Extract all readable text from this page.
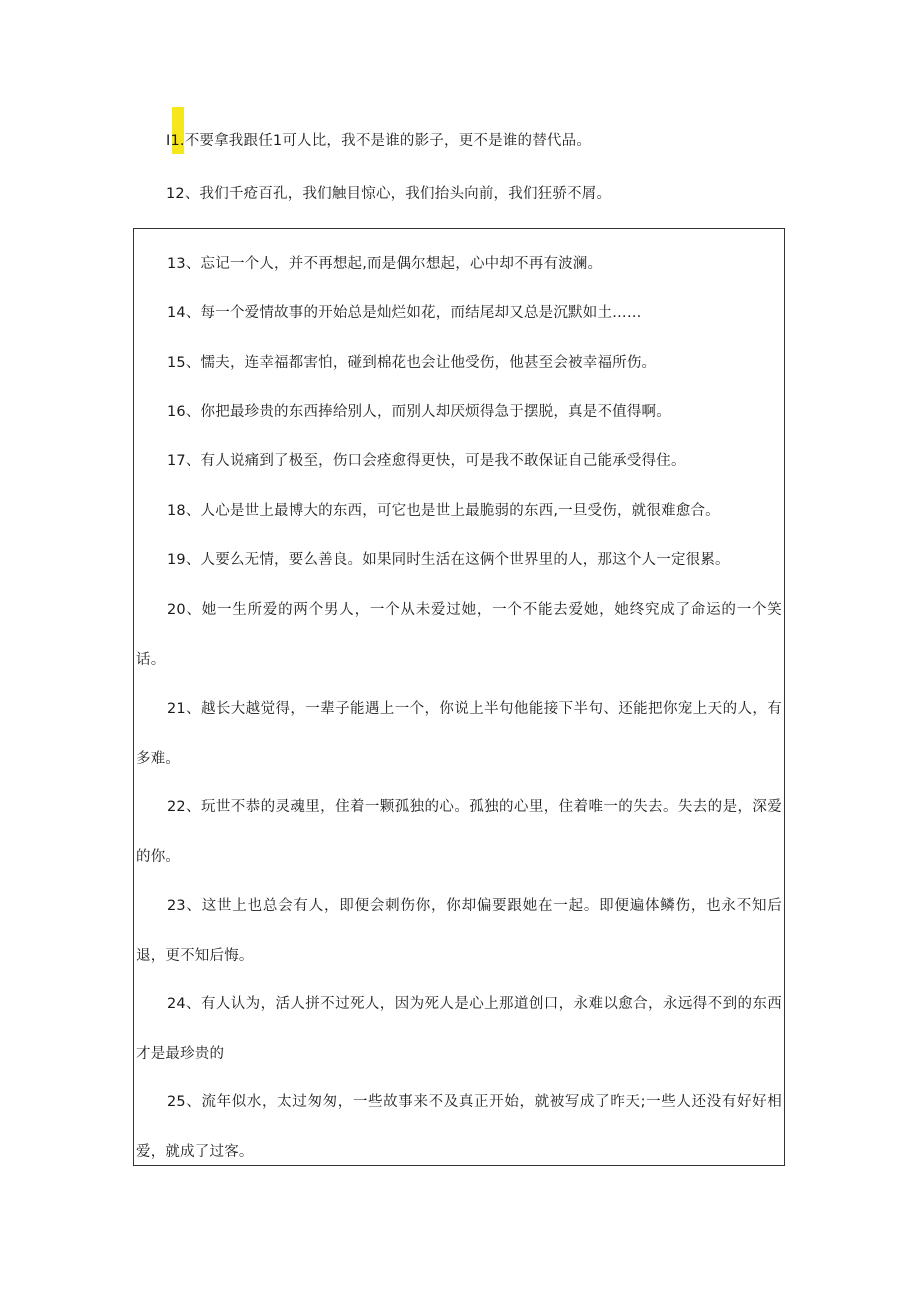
I1.不要拿我跟任1可人比，我不是谁的影子，更不是谁的替代品。
12、我们千疮百孔，我们触目惊心，我们抬头向前，我们狂骄不屑。
13、忘记一个人，并不再想起,而是偶尔想起，心中却不再有波澜。
14、每一个爱情故事的开始总是灿烂如花，而结尾却又总是沉默如土……
15、懦夫，连幸福都害怕，碰到棉花也会让他受伤，他甚至会被幸福所伤。
16、你把最珍贵的东西捧给别人，而别人却厌烦得急于摆脱，真是不值得啊。
17、有人说痛到了极至，伤口会痊愈得更快，可是我不敢保证自己能承受得住。
18、人心是世上最博大的东西，可它也是世上最脆弱的东西,一旦受伤，就很难愈合。
19、人要么无情，要么善良。如果同时生活在这俩个世界里的人，那这个人一定很累。
20、她一生所爱的两个男人，一个从未爱过她，一个不能去爱她，她终究成了命运的一个笑话。
21、越长大越觉得，一辈子能遇上一个，你说上半句他能接下半句、还能把你宠上天的人，有多难。
22、玩世不恭的灵魂里，住着一颗孤独的心。孤独的心里，住着唯一的失去。失去的是，深爱的你。
23、这世上也总会有人，即便会刺伤你，你却偏要跟她在一起。即便遍体鳞伤，也永不知后退，更不知后悔。
24、有人认为，活人拼不过死人，因为死人是心上那道创口，永难以愈合，永远得不到的东西才是最珍贵的
25、流年似水，太过匆匆，一些故事来不及真正开始，就被写成了昨天;一些人还没有好好相爱，就成了过客。
